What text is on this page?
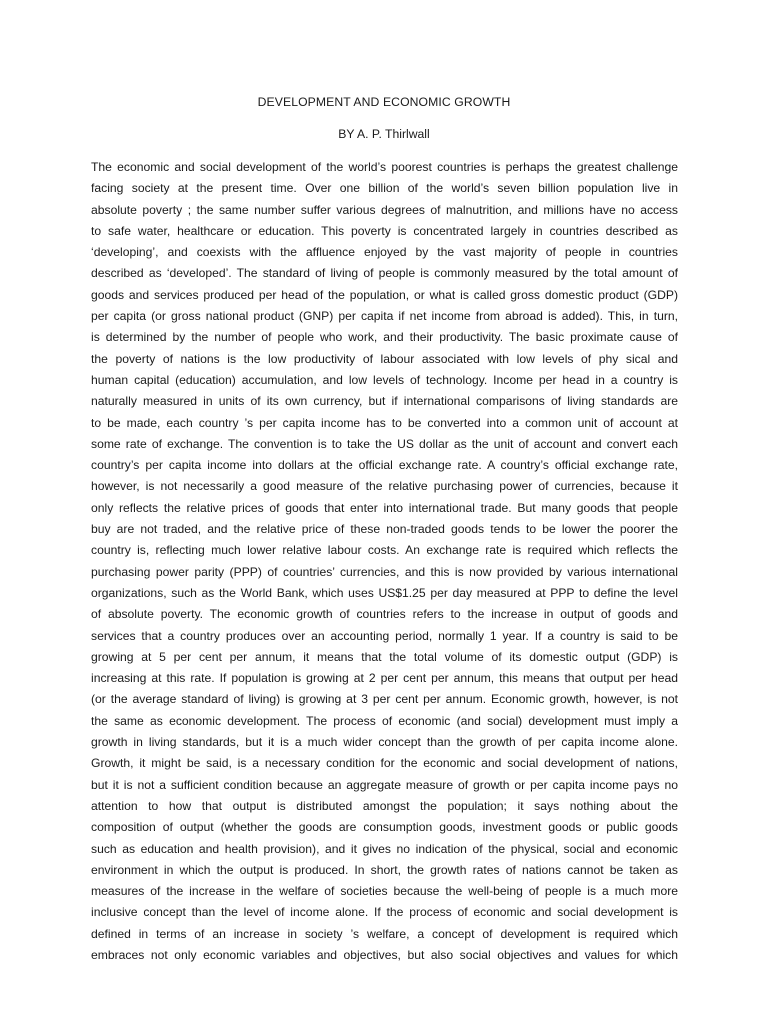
DEVELOPMENT AND ECONOMIC GROWTH
BY A. P. Thirlwall
The economic and social development of the world’s poorest countries is perhaps the greatest challenge
facing society at the present time. Over one billion of the world’s seven billion population live in
absolute poverty ; the same number suffer various degrees of malnutrition, and millions have no access
to safe water, healthcare or education. This poverty is concentrated largely in countries described as
‘developing’, and coexists with the affluence enjoyed by the vast majority of people in countries
described as ‘developed’. The standard of living of people is commonly measured by the total amount of
goods and services produced per head of the population, or what is called gross domestic product (GDP)
per capita (or gross national product (GNP) per capita if net income from abroad is added). This, in turn,
is determined by the number of people who work, and their productivity. The basic proximate cause of
the poverty of nations is the low productivity of labour associated with low levels of phy sical and
human capital (education) accumulation, and low levels of technology. Income per head in a country is
naturally measured in units of its own currency, but if international comparisons of living standards are
to be made, each country ’s per capita income has to be converted into a common unit of account at
some rate of exchange. The convention is to take the US dollar as the unit of account and convert each
country’s per capita income into dollars at the official exchange rate. A country’s official exchange rate,
however, is not necessarily a good measure of the relative purchasing power of currencies, because it
only reflects the relative prices of goods that enter into international trade. But many goods that people
buy are not traded, and the relative price of these non-traded goods tends to be lower the poorer the
country is, reflecting much lower relative labour costs. An exchange rate is required which reflects the
purchasing power parity (PPP) of countries’ currencies, and this is now provided by various international
organizations, such as the World Bank, which uses US$1.25 per day measured at PPP to define the level
of absolute poverty. The economic growth of countries refers to the increase in output of goods and
services that a country produces over an accounting period, normally 1 year. If a country is said to be
growing at 5 per cent per annum, it means that the total volume of its domestic output (GDP) is
increasing at this rate. If population is growing at 2 per cent per annum, this means that output per head
(or the average standard of living) is growing at 3 per cent per annum. Economic growth, however, is not
the same as economic development. The process of economic (and social) development must imply a
growth in living standards, but it is a much wider concept than the growth of per capita income alone.
Growth, it might be said, is a necessary condition for the economic and social development of nations,
but it is not a sufficient condition because an aggregate measure of growth or per capita income pays no
attention to how that output is distributed amongst the population; it says nothing about the
composition of output (whether the goods are consumption goods, investment goods or public goods
such as education and health provision), and it gives no indication of the physical, social and economic
environment in which the output is produced. In short, the growth rates of nations cannot be taken as
measures of the increase in the welfare of societies because the well-being of people is a much more
inclusive concept than the level of income alone. If the process of economic and social development is
defined in terms of an increase in society ’s welfare, a concept of development is required which
embraces not only economic variables and objectives, but also social objectives and values for which
